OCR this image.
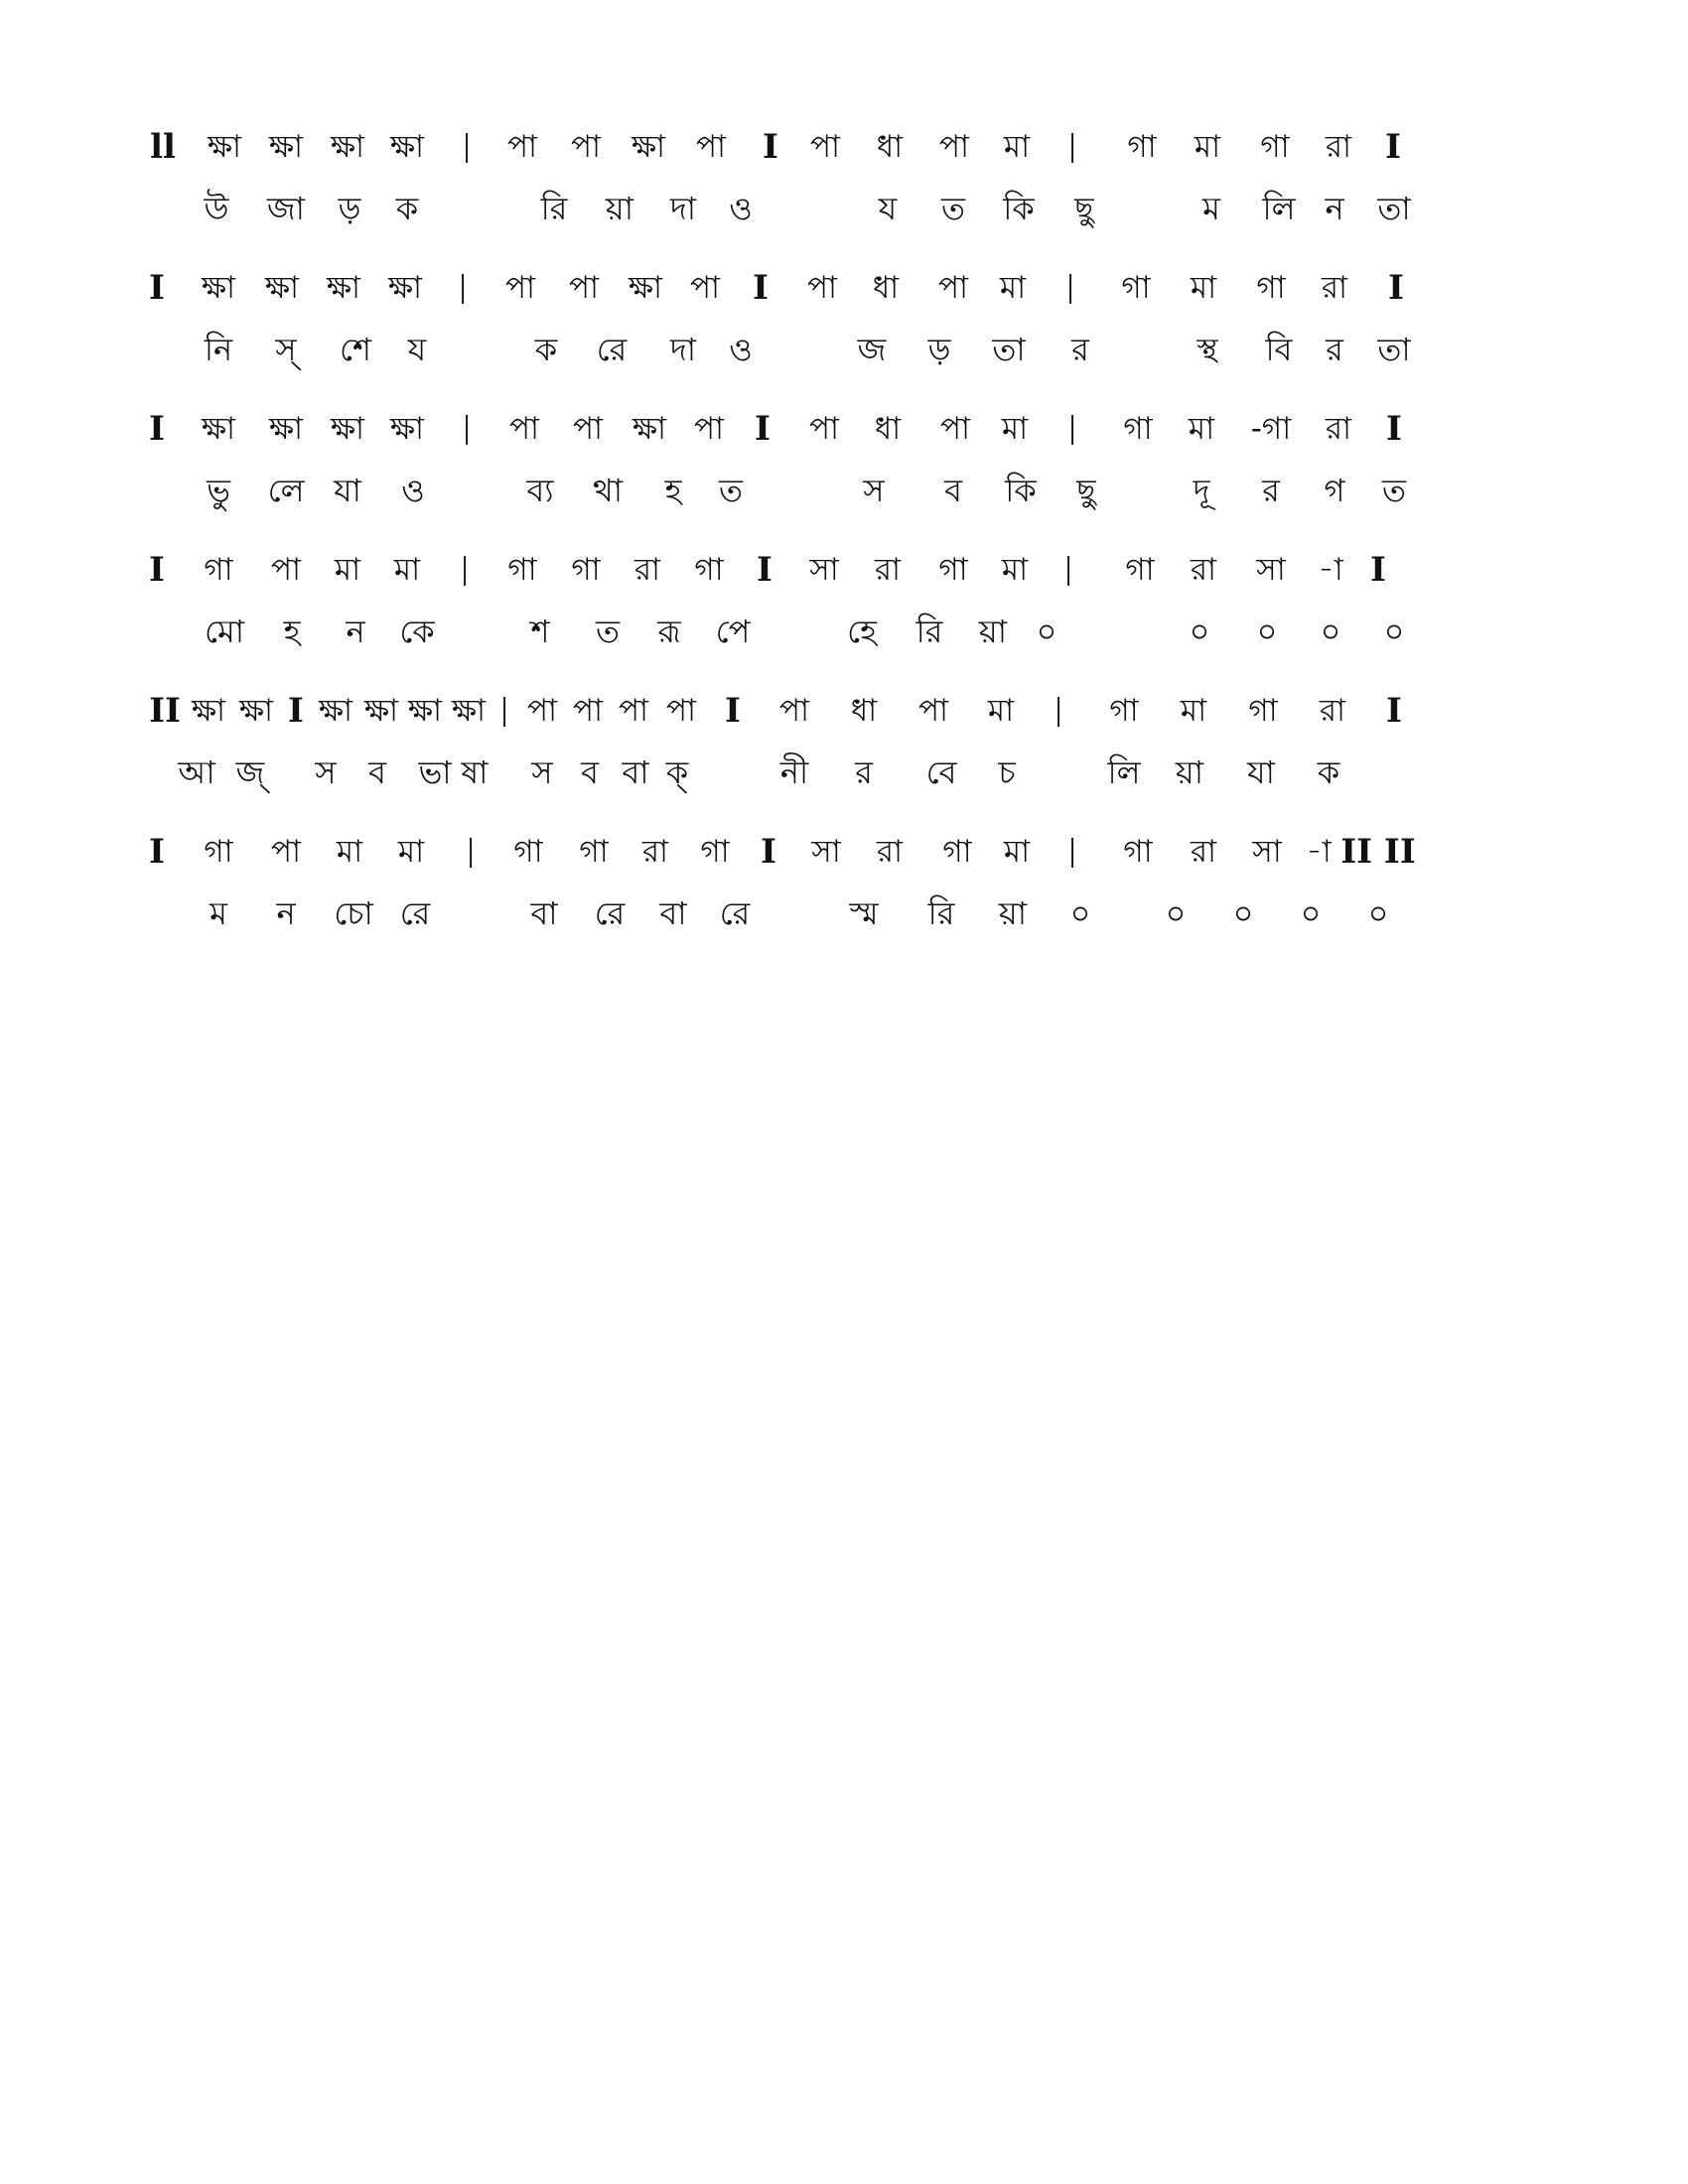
ll ক্ষা ক্ষা ক্ষা ক্ষা | পা পা ক্ষা পা I পা ধা পা মা | গা মা গা রা I
উ জা ড় ক	রি য়া দা ও	য ত কি ছু	ম লি ন তা
I ক্ষা ক্ষা ক্ষা ক্ষা | পা পা ক্ষা পা I পা ধা পা মা | গা মা গা রা I
নি স্ শে য	ক রে দা ও	জ ড় তা র	স্থ বি র তা
I ক্ষা ক্ষা ক্ষা ক্ষা | পা পা ক্ষা পা I পা ধা পা মা | গা মা -গা রা I
ভু লে যা ও	ব্য থা হ ত	স ব কি ছু	দূ র গ ত
I গা পা মা মা | গা গা রা গা I সা রা গা মা | গা রা সা -া I
মো হ ন কে	শ ত রূ পে	হে রি য়া ০	০ ০ ০ ০
II ক্ষা ক্ষা I ক্ষা ক্ষা ক্ষা ক্ষা | পা পা পা পা I পা ধা পা মা | গা মা গা রা I
আ জ্ স ব ভা ষা স ব বা ক্	নী র বে চ	লি য়া যা ক
I গা পা মা মা | গা গা রা গা I সা রা গা মা | গা রা সা -া II II
ম ন চো রে	বা রে বা রে	স্ম রি য়া ০ ০ ০ ০ ০
